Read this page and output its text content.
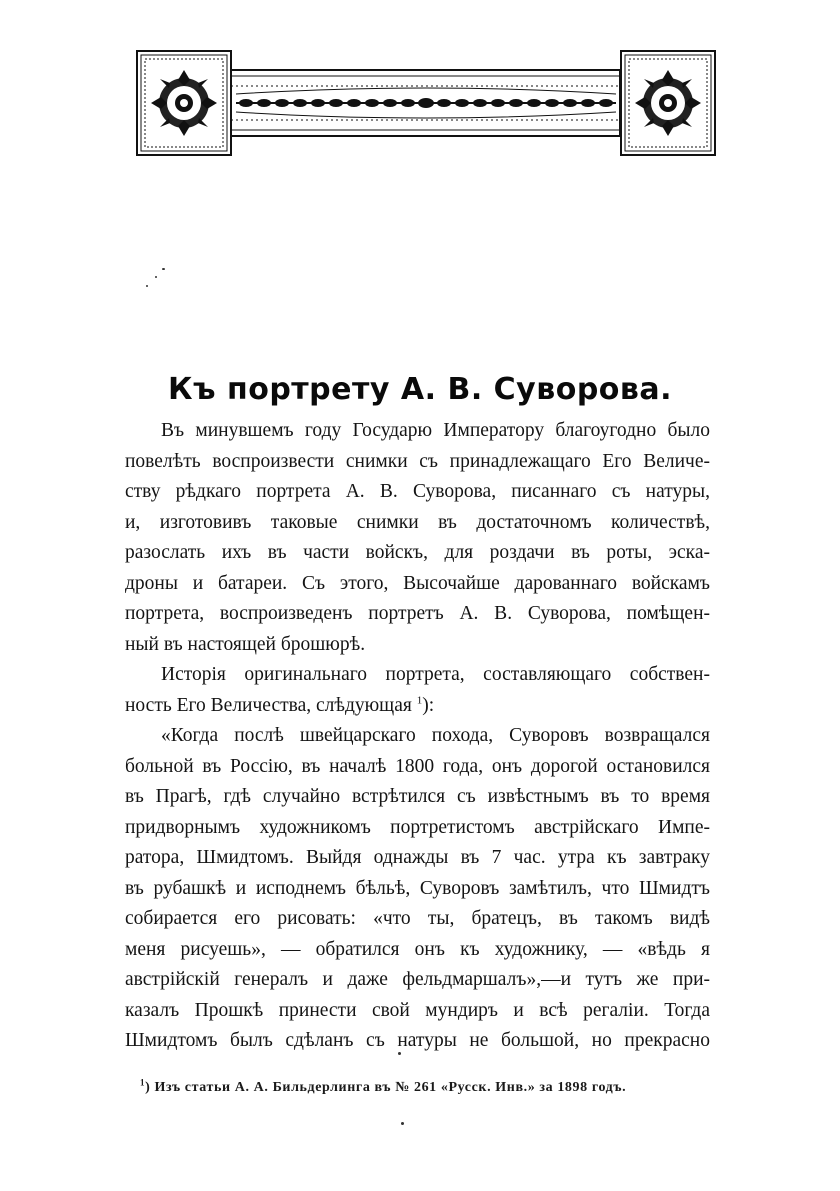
Къ портрету А. В. Суворова.

Въ минувшемъ году Государю Императору благоугодно было
повелѣть воспроизвести снимки съ принадлежащаго Его Величе-
ству рѣдкаго портрета А. В. Суворова, писаннаго съ натуры,
и, изготовивъ таковые снимки въ достаточномъ количествѣ,
разослать ихъ въ части войскъ, для роздачи въ роты, эска-
дроны и батареи. Съ этого, Высочайше дарованнаго войскамъ
портрета, воспроизведенъ портретъ А. В. Суворова, помѣщен-
ный въ настоящей брошюрѣ.

Исторія оригинальнаго портрета, составляющаго собствен-
ность Его Величества, слѣдующая $^1$):

«Когда послѣ швейцарскаго похода, Суворовъ возвращался
больной въ Россію, въ началѣ 1800 года, онъ дорогой остановился
въ Прагѣ, гдѣ случайно встрѣтился съ извѣстнымъ въ то время
придворнымъ художникомъ портретистомъ австрійскаго Импе-
ратора, Шмидтомъ. Выйдя однажды въ 7 час. утра къ завтраку
въ рубашкѣ и исподнемъ бѣльѣ, Суворовъ замѣтилъ, что Шмидтъ
собирается его рисовать: «что ты, братецъ, въ такомъ видѣ
меня рисуешь», — обратился онъ къ художнику, — «вѣдь я
австрійскій генералъ и даже фельдмаршалъ»,—и тутъ же при-
казалъ Прошкѣ принести свой мундиръ и всѣ регаліи. Тогда
Шмидтомъ былъ сдѣланъ съ натуры не большой, но прекрасно

$^1$) Изъ статьи А. А. Бильдерлинга въ № 261 «Русск. Инв.» за 1898 годъ.
